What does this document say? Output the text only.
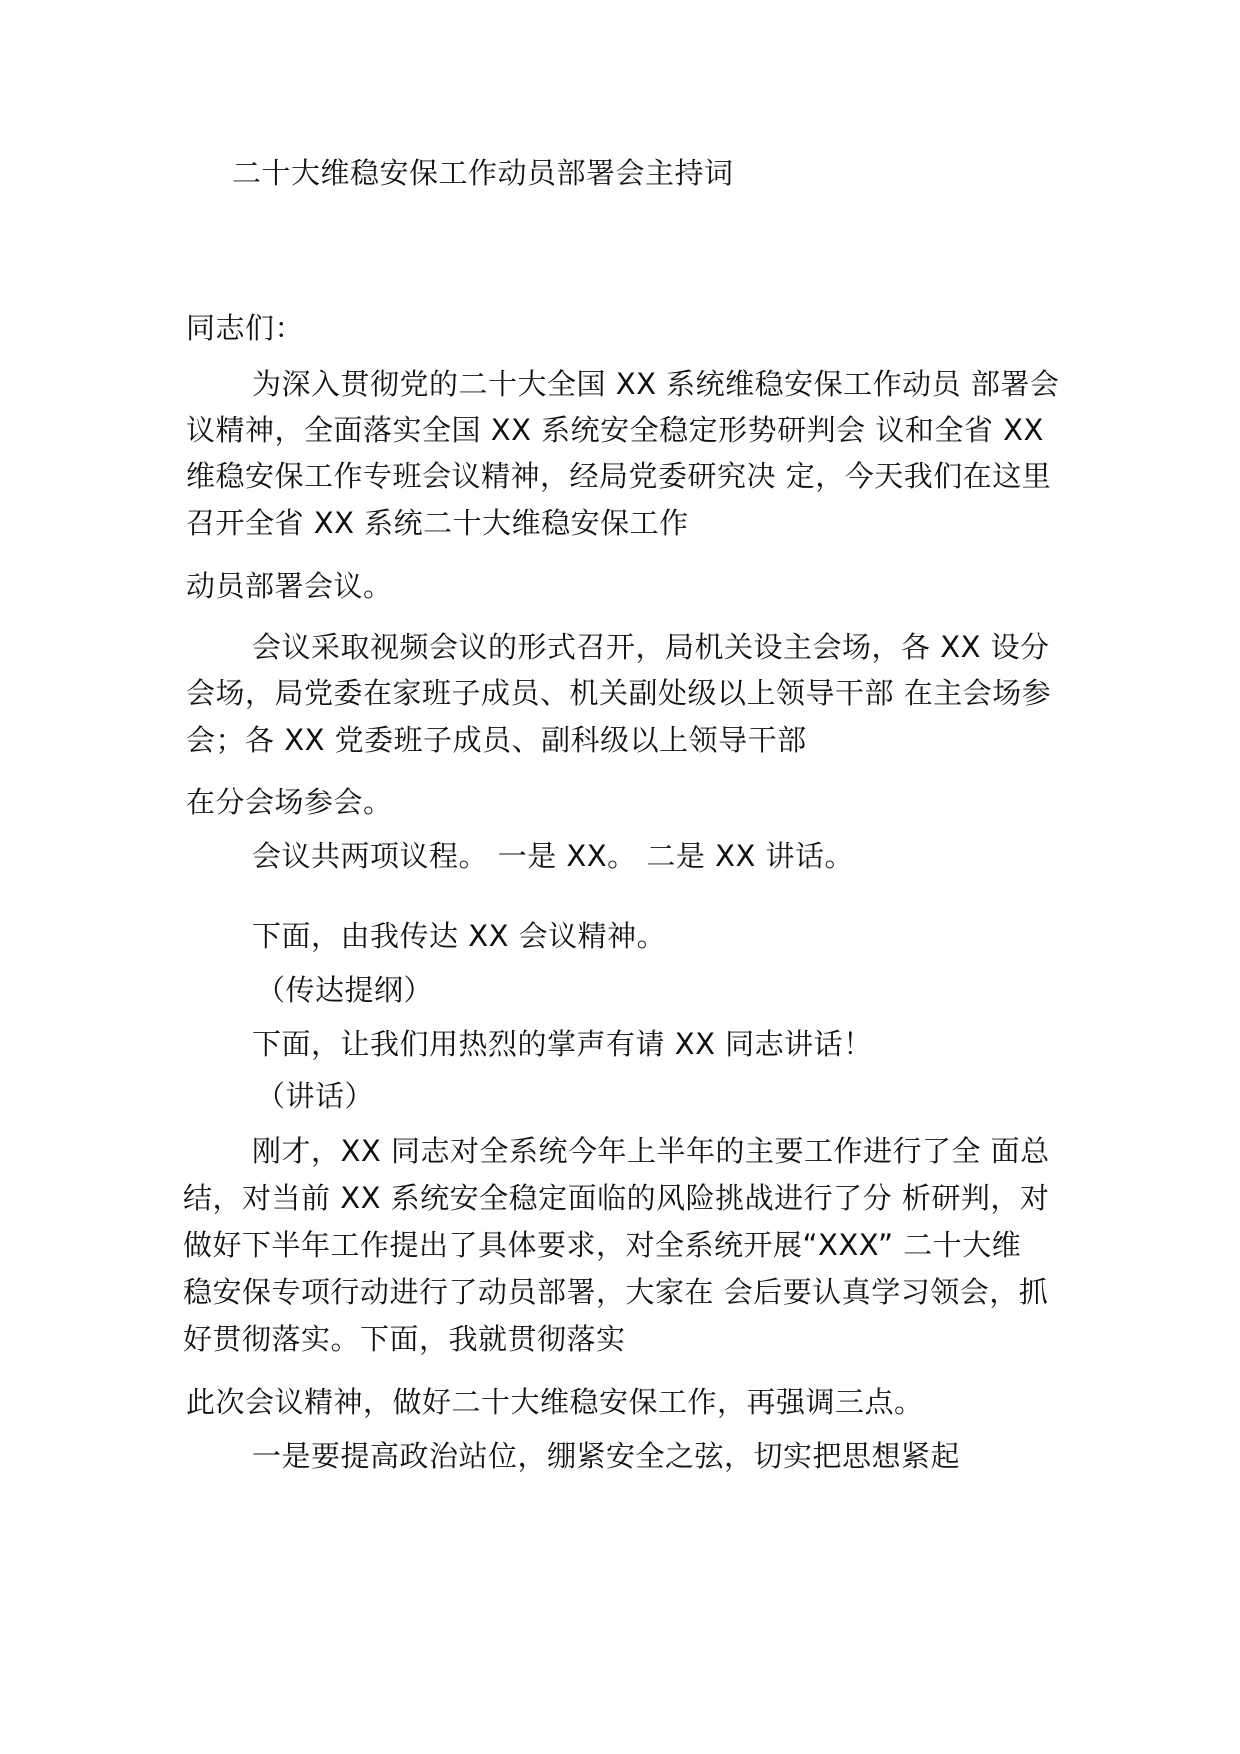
二十大维稳安保工作动员部署会主持词
同志们：
为深入贯彻党的二十大全国 XX 系统维稳安保工作动员 部署会
议精神，全面落实全国 XX 系统安全稳定形势研判会 议和全省 XX
维稳安保工作专班会议精神，经局党委研究决 定，今天我们在这里
召开全省 XX 系统二十大维稳安保工作
动员部署会议。
会议采取视频会议的形式召开，局机关设主会场，各 XX 设分
会场，局党委在家班子成员、机关副处级以上领导干部 在主会场参
会；各 XX 党委班子成员、副科级以上领导干部
在分会场参会。
会议共两项议程。 一是 XX。 二是 XX 讲话。
下面，由我传达 XX 会议精神。
（传达提纲）
下面，让我们用热烈的掌声有请 XX 同志讲话！
（讲话）
刚才，XX 同志对全系统今年上半年的主要工作进行了全 面总
结，对当前 XX 系统安全稳定面临的风险挑战进行了分 析研判，对
做好下半年工作提出了具体要求，对全系统开展“XXX” 二十大维
稳安保专项行动进行了动员部署，大家在 会后要认真学习领会，抓
好贯彻落实。下面，我就贯彻落实
此次会议精神，做好二十大维稳安保工作，再强调三点。
一是要提高政治站位，绷紧安全之弦，切实把思想紧起
